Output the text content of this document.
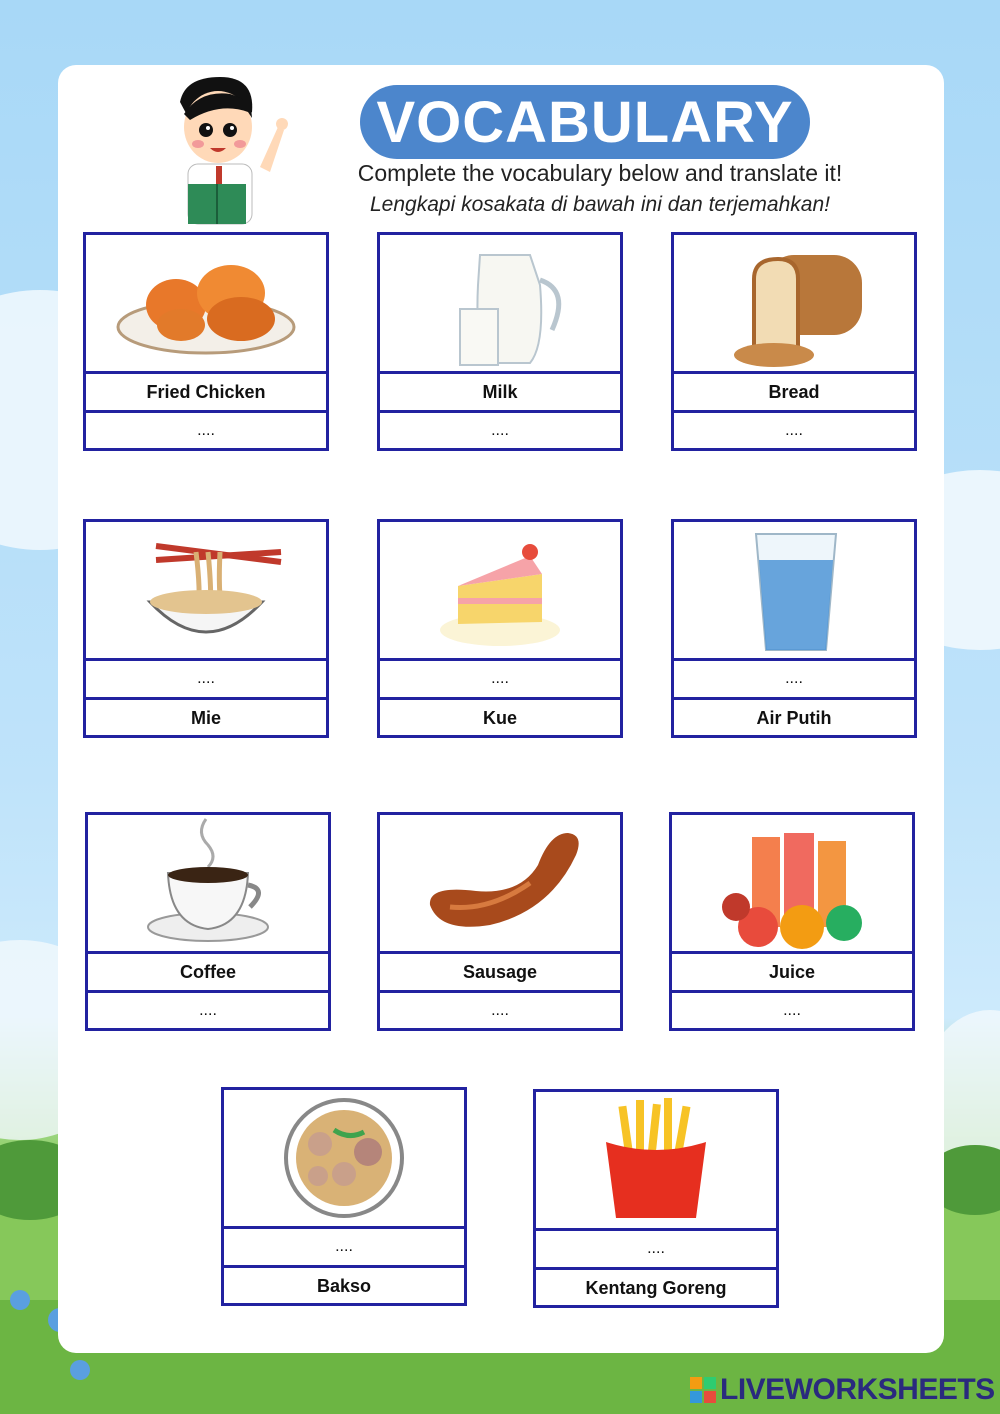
VOCABULARY
Complete the vocabulary below and translate it!
Lengkapi kosakata di bawah ini dan terjemahkan!
Fried Chicken
....
Milk
....
Bread
....
....
Mie
....
Kue
....
Air Putih
Coffee
....
Sausage
....
Juice
....
....
Bakso
....
Kentang Goreng
LIVEWORKSHEETS
